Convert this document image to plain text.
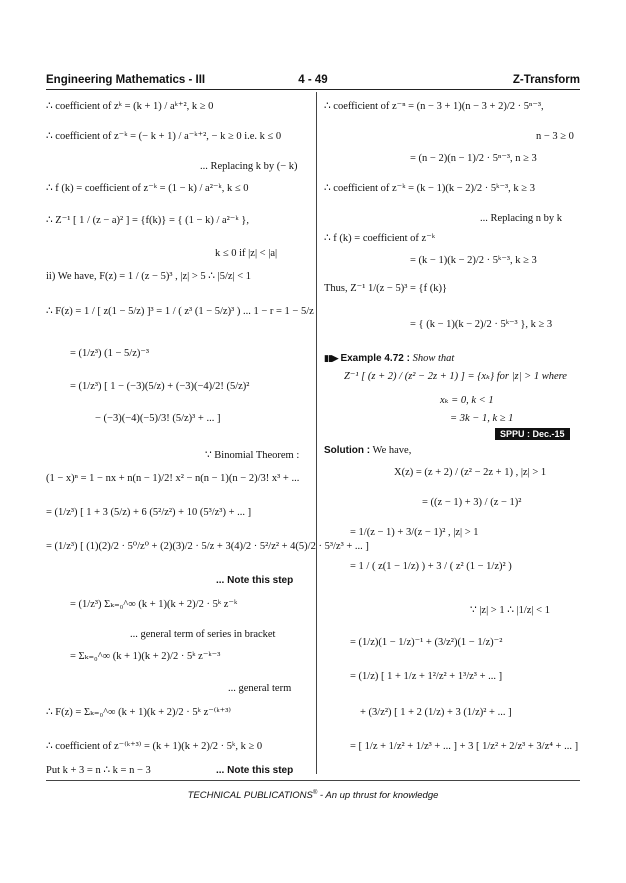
Engineering Mathematics - III	4 - 49	Z-Transform
∴ coefficient of zᵏ = (k + 1) / aᵏ⁺², k ≥ 0
∴ coefficient of z⁻ᵏ = (− k + 1) / a⁻ᵏ⁺², − k ≥ 0 i.e. k ≤ 0
... Replacing k by (− k)
∴ f (k) = coefficient of z⁻ᵏ = (1 − k) / a²⁻ᵏ, k ≤ 0
∴ Z⁻¹ [ 1 / (z − a)² ] = {f(k)} = { (1 − k) / a²⁻ᵏ },
k ≤ 0 if |z| < |a|
ii) We have, F(z) = 1 / (z − 5)³ , |z| > 5 ∴ |5/z| < 1
∴ F(z) = 1 / [ z(1 − 5/z) ]³ = 1 / ( z³ (1 − 5/z)³ ) ... 1 − r = 1 − 5/z
= (1/z³) (1 − 5/z)⁻³
= (1/z³) [ 1 − (−3)(5/z) + (−3)(−4)/2! (5/z)²
− (−3)(−4)(−5)/3! (5/z)³ + ... ]
∵ Binomial Theorem :
(1 − x)ⁿ = 1 − nx + n(n − 1)/2! x² − n(n − 1)(n − 2)/3! x³ + ...
= (1/z³) [ 1 + 3 (5/z) + 6 (5²/z²) + 10 (5³/z³) + ... ]
= (1/z³) [ (1)(2)/2 · 5⁰/z⁰ + (2)(3)/2 · 5/z + 3(4)/2 · 5²/z² + 4(5)/2 · 5³/z³ + ... ]
... Note this step
= (1/z³) Σₖ₌₀^∞ (k + 1)(k + 2)/2 · 5ᵏ z⁻ᵏ
... general term of series in bracket
= Σₖ₌₀^∞ (k + 1)(k + 2)/2 · 5ᵏ z⁻ᵏ⁻³
... general term
∴ F(z) = Σₖ₌₀^∞ (k + 1)(k + 2)/2 · 5ᵏ z⁻⁽ᵏ⁺³⁾
∴ coefficient of z⁻⁽ᵏ⁺³⁾ = (k + 1)(k + 2)/2 · 5ᵏ, k ≥ 0
Put k + 3 = n ∴ k = n − 3	... Note this step
∴ coefficient of z⁻ⁿ = (n − 3 + 1)(n − 3 + 2)/2 · 5ⁿ⁻³,
n − 3 ≥ 0
= (n − 2)(n − 1)/2 · 5ⁿ⁻³, n ≥ 3
∴ coefficient of z⁻ᵏ = (k − 1)(k − 2)/2 · 5ᵏ⁻³, k ≥ 3
... Replacing n by k
∴ f (k) = coefficient of z⁻ᵏ
= (k − 1)(k − 2)/2 · 5ᵏ⁻³, k ≥ 3
Thus, Z⁻¹ 1/(z − 5)³ = {f (k)}
= { (k − 1)(k − 2)/2 · 5ᵏ⁻³ }, k ≥ 3
▮▮▶ Example 4.72 : Show that
Z⁻¹ [ (z + 2) / (z² − 2z + 1) ] = {xₖ} for |z| > 1 where
xₖ = 0, k < 1
= 3k − 1, k ≥ 1
SPPU : Dec.-15
Solution : We have,
X(z) = (z + 2) / (z² − 2z + 1) , |z| > 1
= ((z − 1) + 3) / (z − 1)²
= 1/(z − 1) + 3/(z − 1)² , |z| > 1
= 1 / ( z(1 − 1/z) ) + 3 / ( z² (1 − 1/z)² )
∵ |z| > 1 ∴ |1/z| < 1
= (1/z)(1 − 1/z)⁻¹ + (3/z²)(1 − 1/z)⁻²
= (1/z) [ 1 + 1/z + 1²/z² + 1³/z³ + ... ]
+ (3/z²) [ 1 + 2 (1/z) + 3 (1/z)² + ... ]
= [ 1/z + 1/z² + 1/z³ + ... ] + 3 [ 1/z² + 2/z³ + 3/z⁴ + ... ]
TECHNICAL PUBLICATIONS® - An up thrust for knowledge
